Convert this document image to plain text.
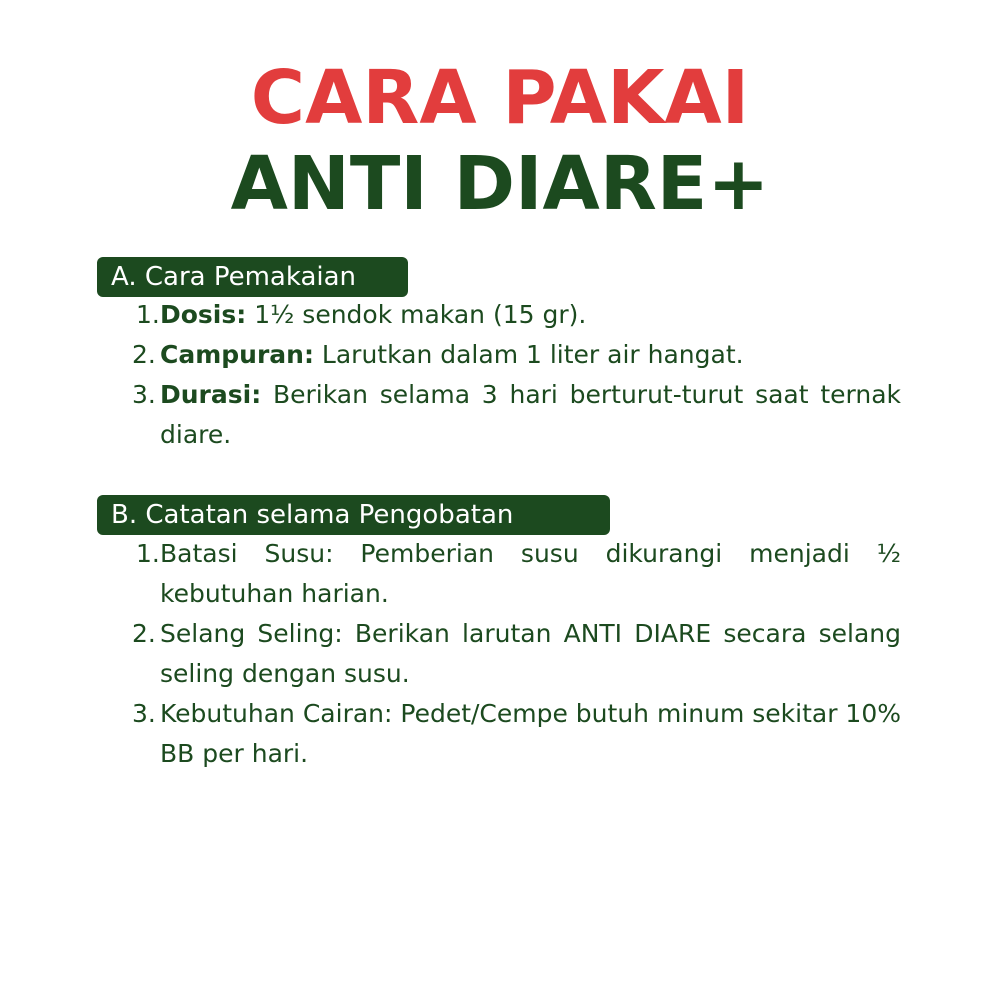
CARA PAKAI
ANTI DIARE+
A. Cara Pemakaian
1. Dosis: 1½ sendok makan (15 gr).
2. Campuran: Larutkan dalam 1 liter air hangat.
3. Durasi: Berikan selama 3 hari berturut-turut saat ternak diare.
B. Catatan selama Pengobatan
1. Batasi Susu: Pemberian susu dikurangi menjadi ½ kebutuhan harian.
2. Selang Seling: Berikan larutan ANTI DIARE secara selang seling dengan susu.
3. Kebutuhan Cairan: Pedet/Cempe butuh minum sekitar 10% BB per hari.
